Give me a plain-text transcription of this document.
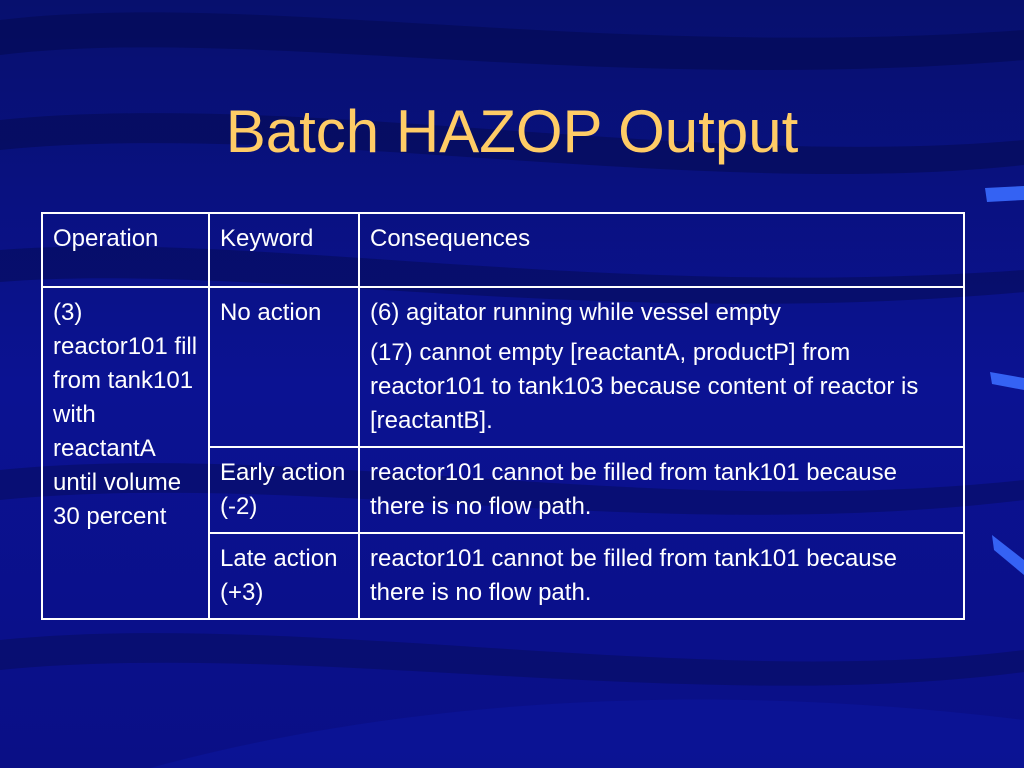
Batch HAZOP Output
Operation	Keyword	Consequences
(3) reactor101 fill from tank101 with reactantA until volume 30 percent	No action	(6) agitator running while vessel empty
(17) cannot empty [reactantA, productP] from reactor101 to tank103 because content of reactor is [reactantB].

	Early action (-2)	reactor101 cannot be filled from tank101 because there is no flow path.

	Late action (+3)	reactor101 cannot be filled from tank101 because there is no flow path.
